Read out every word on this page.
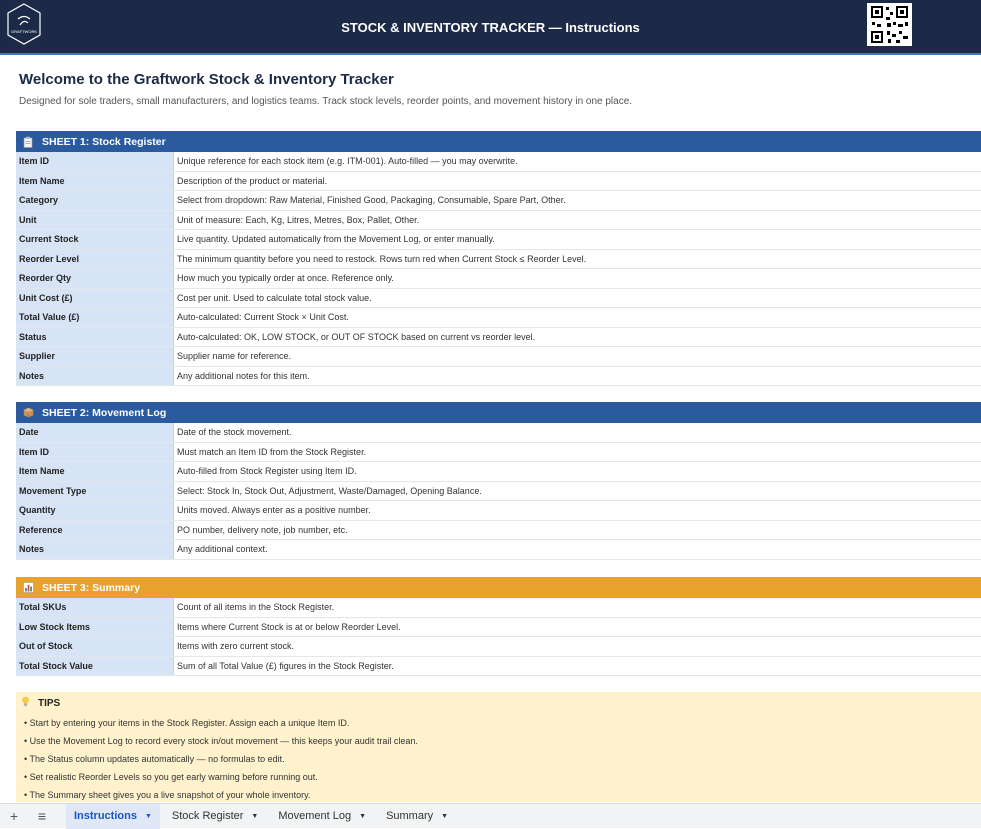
GRAFTWORK	STOCK & INVENTORY TRACKER — Instructions
Welcome to the Graftwork Stock & Inventory Tracker
Designed for sole traders, small manufacturers, and logistics teams. Track stock levels, reorder points, and movement history in one place.
SHEET 1: Stock Register
Item ID	Unique reference for each stock item (e.g. ITM-001). Auto-filled — you may overwrite.
Item Name	Description of the product or material.
Category	Select from dropdown: Raw Material, Finished Good, Packaging, Consumable, Spare Part, Other.
Unit	Unit of measure: Each, Kg, Litres, Metres, Box, Pallet, Other.
Current Stock	Live quantity. Updated automatically from the Movement Log, or enter manually.
Reorder Level	The minimum quantity before you need to restock. Rows turn red when Current Stock ≤ Reorder Level.
Reorder Qty	How much you typically order at once. Reference only.
Unit Cost (£)	Cost per unit. Used to calculate total stock value.
Total Value (£)	Auto-calculated: Current Stock × Unit Cost.
Status	Auto-calculated: OK, LOW STOCK, or OUT OF STOCK based on current vs reorder level.
Supplier	Supplier name for reference.
Notes	Any additional notes for this item.
SHEET 2: Movement Log
Date	Date of the stock movement.
Item ID	Must match an Item ID from the Stock Register.
Item Name	Auto-filled from Stock Register using Item ID.
Movement Type	Select: Stock In, Stock Out, Adjustment, Waste/Damaged, Opening Balance.
Quantity	Units moved. Always enter as a positive number.
Reference	PO number, delivery note, job number, etc.
Notes	Any additional context.
SHEET 3: Summary
Total SKUs	Count of all items in the Stock Register.
Low Stock Items	Items where Current Stock is at or below Reorder Level.
Out of Stock	Items with zero current stock.
Total Stock Value	Sum of all Total Value (£) figures in the Stock Register.
TIPS
• Start by entering your items in the Stock Register. Assign each a unique Item ID.
• Use the Movement Log to record every stock in/out movement — this keeps your audit trail clean.
• The Status column updates automatically — no formulas to edit.
• Set realistic Reorder Levels so you get early warning before running out.
• The Summary sheet gives you a live snapshot of your whole inventory.
+	≡	Instructions ▼ Stock Register ▼ Movement Log ▼ Summary ▼
